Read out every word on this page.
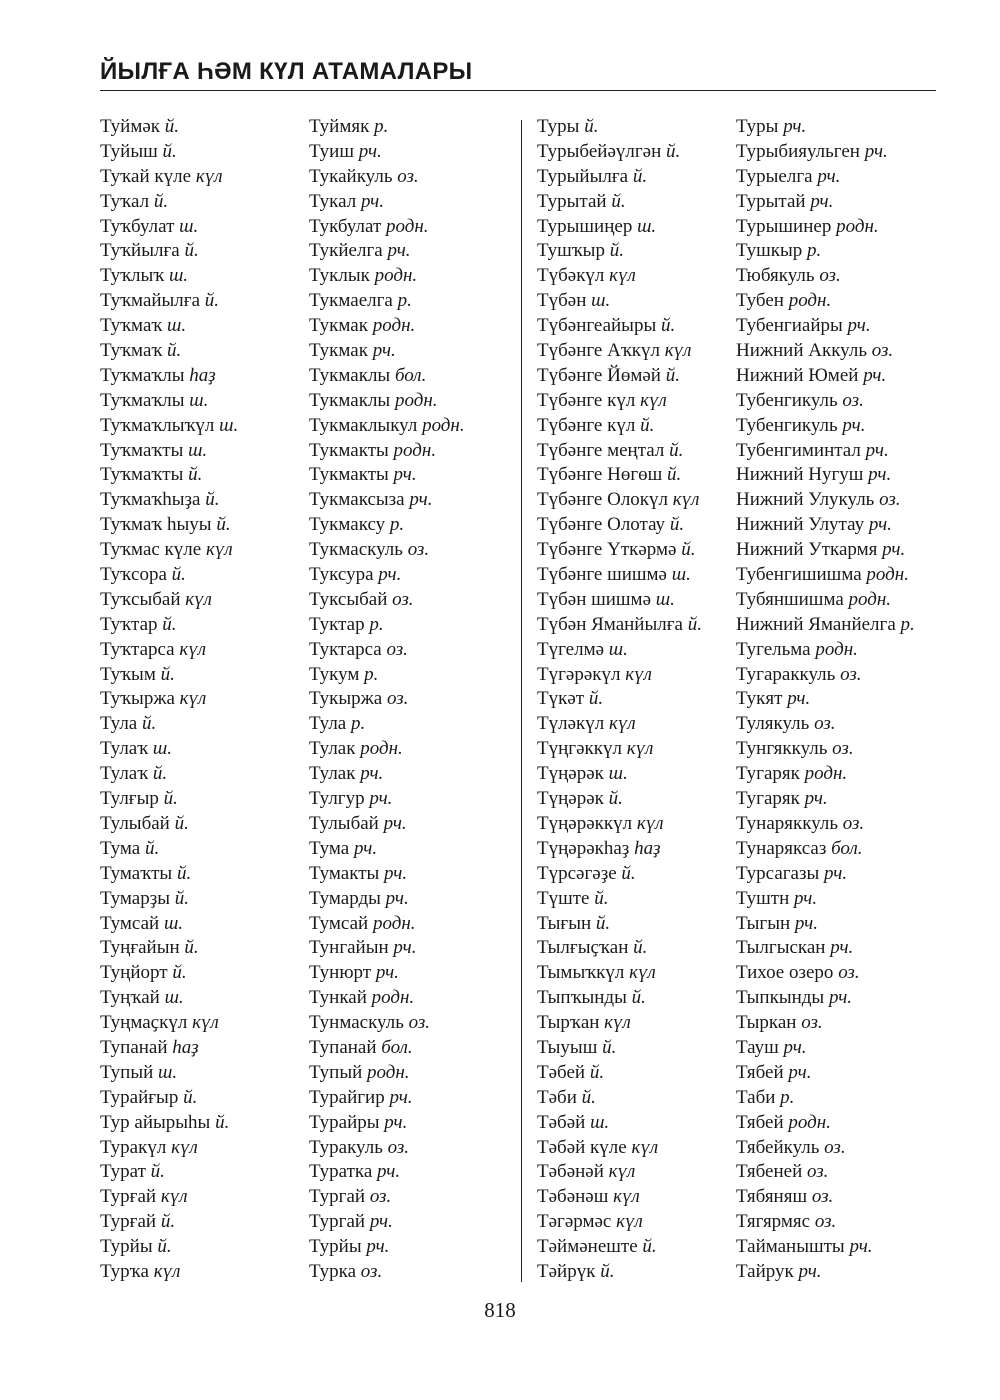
ЙЫЛҒА ҺӘМ КҮЛ АТАМАЛАРЫ
Туймәк й.
Туйыш й.
Туҡай күле күл
Туҡал й.
Туҡбулат ш.
Туҡйылға й.
Туҡлыҡ ш.
Туҡмайылға й.
Туҡмаҡ ш.
Туҡмаҡ й.
Туҡмаҡлы һаҙ
Туҡмаҡлы ш.
Туҡмаҡлыҡүл ш.
Туҡмаҡты ш.
Туҡмаҡты й.
Туҡмаҡһыҙа й.
Туҡмаҡ һыуы й.
Туҡмас күле күл
Туҡсора й.
Туҡсыбай күл
Туҡтар й.
Туҡтарса күл
Туҡым й.
Туҡыржа күл
Тула й.
Тулаҡ ш.
Тулаҡ й.
Тулғыр й.
Тулыбай й.
Тума й.
Тумаҡты й.
Тумарҙы й.
Тумсай ш.
Туңғайын й.
Туңйорт й.
Туңҡай ш.
Туңмаҫкүл күл
Тупанай һаҙ
Тупый ш.
Турайғыр й.
Тур айырыһы й.
Туракүл күл
Турат й.
Турғай күл
Турғай й.
Турйы й.
Турҡа күл
Туймяк р.
Туиш рч.
Тукайкуль оз.
Тукал рч.
Тукбулат родн.
Тукйелга рч.
Туклык родн.
Тукмаелга р.
Тукмак родн.
Тукмак рч.
Тукмаклы бол.
Тукмаклы родн.
Тукмаклыкул родн.
Тукмакты родн.
Тукмакты рч.
Тукмаксыза рч.
Тукмаксу р.
Тукмаскуль оз.
Туксура рч.
Туксыбай оз.
Туктар р.
Туктарса оз.
Тукум р.
Тукыржа оз.
Тула р.
Тулак родн.
Тулак рч.
Тулгур рч.
Тулыбай рч.
Тума рч.
Тумакты рч.
Тумарды рч.
Тумсай родн.
Тунгайын рч.
Тунюрт рч.
Тункай родн.
Тунмаскуль оз.
Тупанай бол.
Тупый родн.
Турайгир рч.
Турайры рч.
Туракуль оз.
Туратка рч.
Тургай оз.
Тургай рч.
Турйы рч.
Турка оз.
Туры й.
Турыбейәүлгән й.
Турыйылға й.
Турытай й.
Турышиңер ш.
Тушҡыр й.
Түбәкүл күл
Түбән ш.
Түбәнгеайыры й.
Түбәнге Аҡкүл күл
Түбәнге Йөмәй й.
Түбәнге күл күл
Түбәнге күл й.
Түбәнге меңтал й.
Түбәнге Нөгөш й.
Түбәнге Олокүл күл
Түбәнге Олотау й.
Түбәнге Үткәрмә й.
Түбәнге шишмә ш.
Түбән шишмә ш.
Түбән Яманйылға й.
Түгелмә ш.
Түгәрәкүл күл
Түкәт й.
Түләкүл күл
Түңгәккүл күл
Түңәрәк ш.
Түңәрәк й.
Түңәрәккүл күл
Түңәрәкһаҙ һаҙ
Түрсәгәҙе й.
Түште й.
Тығын й.
Тылғыҫҡан й.
Тымыҡкүл күл
Тыпҡынды й.
Тырҡан күл
Тыуыш й.
Тәбей й.
Тәби й.
Тәбәй ш.
Тәбәй күле күл
Тәбәнәй күл
Тәбәнәш күл
Тәгәрмәс күл
Тәймәнеште й.
Тәйрүк й.
Туры рч.
Турыбияульген рч.
Турыелга рч.
Турытай рч.
Турышинер родн.
Тушкыр р.
Тюбякуль оз.
Тубен родн.
Тубенгиайры рч.
Нижний Аккуль оз.
Нижний Юмей рч.
Тубенгикуль оз.
Тубенгикуль рч.
Тубенгиминтал рч.
Нижний Нугуш рч.
Нижний Улукуль оз.
Нижний Улутау рч.
Нижний Уткармя рч.
Тубенгишишма родн.
Тубяншишма родн.
Нижний Яманйелга р.
Тугельма родн.
Тугараккуль оз.
Тукят рч.
Тулякуль оз.
Тунгяккуль оз.
Тугаряк родн.
Тугаряк рч.
Тунаряккуль оз.
Тунаряксаз бол.
Турсагазы рч.
Туштн рч.
Тыгын рч.
Тылгыскан рч.
Тихое озеро оз.
Тыпкынды рч.
Тыркан оз.
Тауш рч.
Тябей рч.
Таби р.
Тябей родн.
Тябейкуль оз.
Тябеней оз.
Тябяняш оз.
Тягярмяс оз.
Тайманышты рч.
Тайрук рч.
818
